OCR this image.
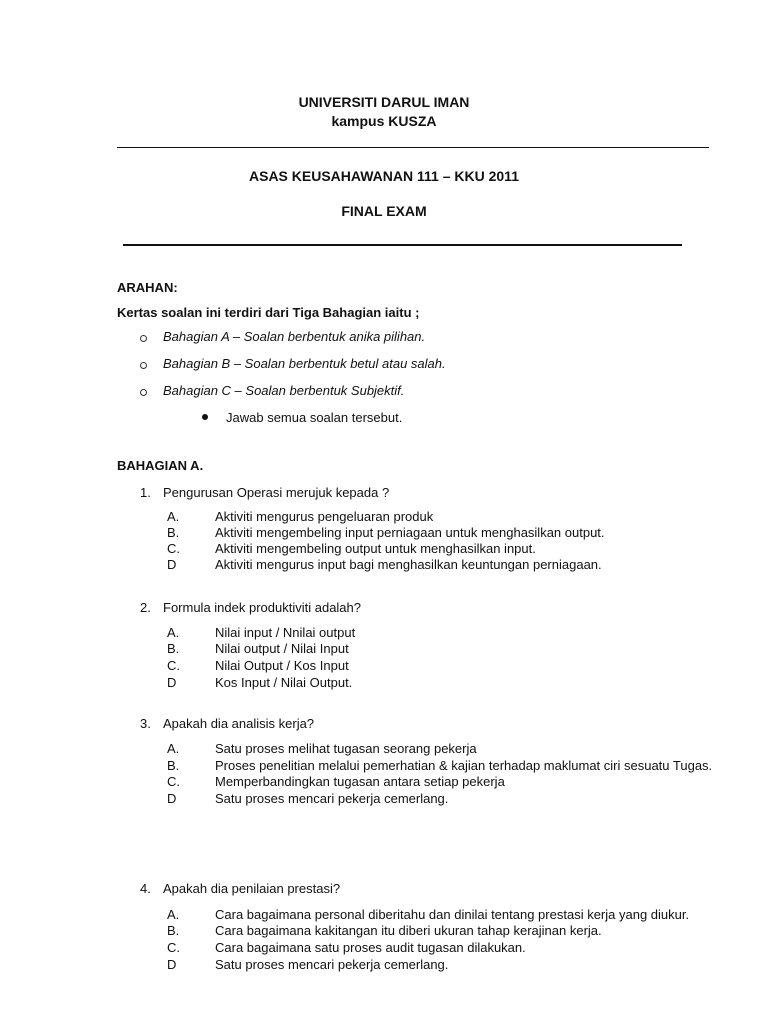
UNIVERSITI DARUL IMAN
kampus KUSZA
ASAS KEUSAHAWANAN 111 – KKU 2011
FINAL EXAM
ARAHAN:
Kertas soalan ini terdiri dari Tiga Bahagian iaitu ;
Bahagian A – Soalan berbentuk anika pilihan.
Bahagian B – Soalan berbentuk betul atau salah.
Bahagian C – Soalan berbentuk Subjektif.
Jawab semua soalan tersebut.
BAHAGIAN A.
1. Pengurusan Operasi merujuk kepada ?
A.	Aktiviti mengurus pengeluaran produk
B.	Aktiviti mengembeling input perniagaan untuk menghasilkan output.
C.	Aktiviti mengembeling output untuk menghasilkan input.
D	Aktiviti mengurus input bagi menghasilkan keuntungan perniagaan.
2. Formula indek produktiviti adalah?
A.	Nilai input / Nnilai output
B.	Nilai output / Nilai Input
C.	Nilai Output / Kos Input
D	Kos Input / Nilai Output.
3. Apakah dia analisis kerja?
A.	Satu proses melihat tugasan seorang pekerja
B.	Proses penelitian melalui pemerhatian & kajian terhadap maklumat ciri sesuatu Tugas.
C.	Memperbandingkan tugasan antara setiap pekerja
D	Satu proses mencari pekerja cemerlang.
4. Apakah dia penilaian prestasi?
A.	Cara bagaimana personal diberitahu dan dinilai tentang prestasi kerja yang diukur.
B.	Cara bagaimana kakitangan itu diberi ukuran tahap kerajinan kerja.
C.	Cara bagaimana satu proses audit tugasan dilakukan.
D	Satu proses mencari pekerja cemerlang.
